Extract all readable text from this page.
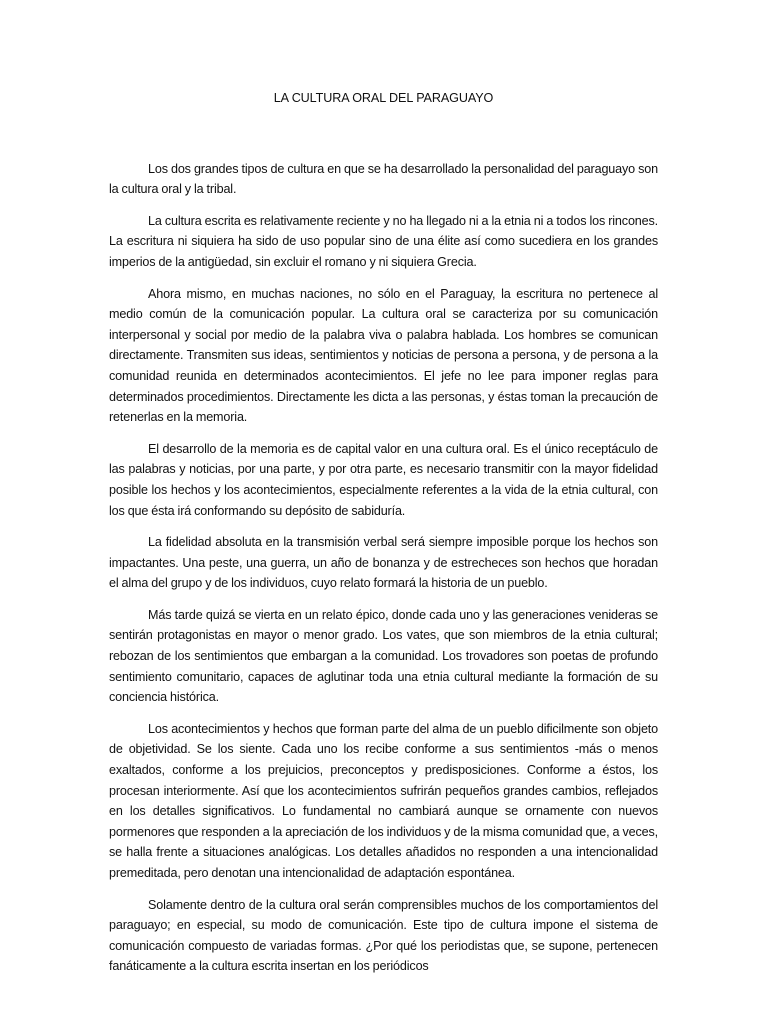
LA CULTURA ORAL DEL PARAGUAYO

Los dos grandes tipos de cultura en que se ha desarrollado la personalidad del paraguayo son la cultura oral y la tribal.

La cultura escrita es relativamente reciente y no ha llegado ni a la etnia ni a todos los rincones. La escritura ni siquiera ha sido de uso popular sino de una élite así como sucediera en los grandes imperios de la antigüedad, sin excluir el romano y ni siquiera Grecia.

Ahora mismo, en muchas naciones, no sólo en el Paraguay, la escritura no pertenece al medio común de la comunicación popular. La cultura oral se caracteriza por su comunicación interpersonal y social por medio de la palabra viva o palabra hablada. Los hombres se comunican directamente. Transmiten sus ideas, sentimientos y noticias de persona a persona, y de persona a la comunidad reunida en determinados acontecimientos. El jefe no lee para imponer reglas para determinados procedimientos. Directamente les dicta a las personas, y éstas toman la precaución de retenerlas en la memoria.

El desarrollo de la memoria es de capital valor en una cultura oral. Es el único receptáculo de las palabras y noticias, por una parte, y por otra parte, es necesario transmitir con la mayor fidelidad posible los hechos y los acontecimientos, especialmente referentes a la vida de la etnia cultural, con los que ésta irá conformando su depósito de sabiduría.

La fidelidad absoluta en la transmisión verbal será siempre imposible porque los hechos son impactantes. Una peste, una guerra, un año de bonanza y de estrecheces son hechos que horadan el alma del grupo y de los individuos, cuyo relato formará la historia de un pueblo.

Más tarde quizá se vierta en un relato épico, donde cada uno y las generaciones venideras se sentirán protagonistas en mayor o menor grado. Los vates, que son miembros de la etnia cultural; rebozan de los sentimientos que embargan a la comunidad. Los trovadores son poetas de profundo sentimiento comunitario, capaces de aglutinar toda una etnia cultural mediante la formación de su conciencia histórica.

Los acontecimientos y hechos que forman parte del alma de un pueblo dificilmente son objeto de objetividad. Se los siente. Cada uno los recibe conforme a sus sentimientos -más o menos exaltados, conforme a los prejuicios, preconceptos y predisposiciones. Conforme a éstos, los procesan interiormente. Así que los acontecimientos sufrirán pequeños grandes cambios, reflejados en los detalles significativos. Lo fundamental no cambiará aunque se ornamente con nuevos pormenores que responden a la apreciación de los individuos y de la misma comunidad que, a veces, se halla frente a situaciones analógicas. Los detalles añadidos no responden a una intencionalidad premeditada, pero denotan una intencionalidad de adaptación espontánea.

Solamente dentro de la cultura oral serán comprensibles muchos de los comportamientos del paraguayo; en especial, su modo de comunicación. Este tipo de cultura impone el sistema de comunicación compuesto de variadas formas. ¿Por qué los periodistas que, se supone, pertenecen fanáticamente a la cultura escrita insertan en los periódicos
